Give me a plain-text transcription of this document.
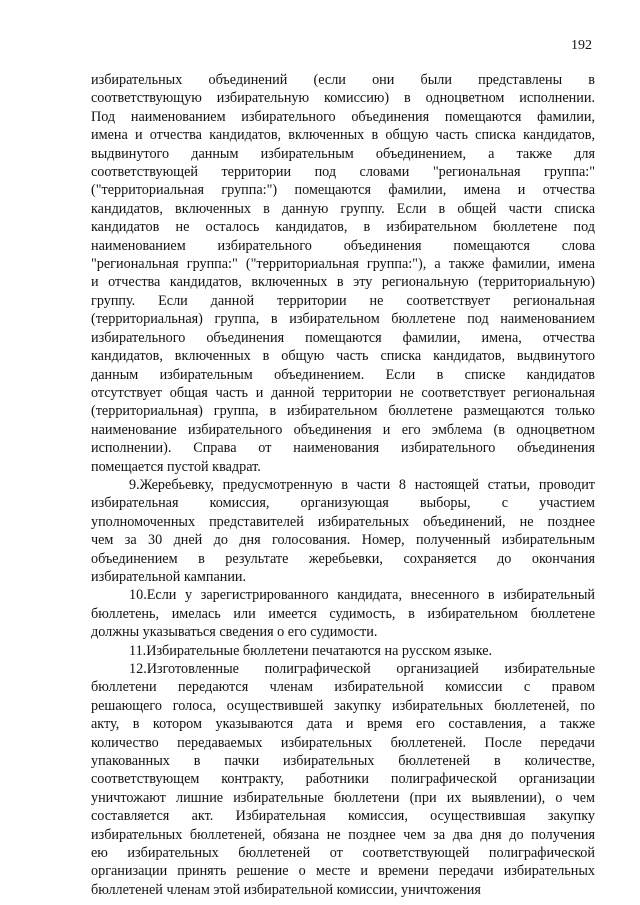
192
избирательных объединений (если они были представлены в
соответствующую избирательную комиссию) в одноцветном исполнении.
Под наименованием избирательного объединения помещаются фамилии,
имена и отчества кандидатов, включенных в общую часть списка кандидатов,
выдвинутого данным избирательным объединением, а также для
соответствующей территории под словами "региональная группа:"
("территориальная группа:") помещаются фамилии, имена и отчества
кандидатов, включенных в данную группу. Если в общей части списка
кандидатов не осталось кандидатов, в избирательном бюллетене под
наименованием избирательного объединения помещаются слова
"региональная группа:" ("территориальная группа:"), а также фамилии, имена
и отчества кандидатов, включенных в эту региональную (территориальную)
группу. Если данной территории не соответствует региональная
(территориальная) группа, в избирательном бюллетене под наименованием
избирательного объединения помещаются фамилии, имена, отчества
кандидатов, включенных в общую часть списка кандидатов, выдвинутого
данным избирательным объединением. Если в списке кандидатов
отсутствует общая часть и данной территории не соответствует региональная
(территориальная) группа, в избирательном бюллетене размещаются только
наименование избирательного объединения и его эмблема (в одноцветном
исполнении). Справа от наименования избирательного объединения
помещается пустой квадрат.
9.Жеребьевку, предусмотренную в части 8 настоящей статьи, проводит
избирательная комиссия, организующая выборы, с участием
уполномоченных представителей избирательных объединений, не позднее
чем за 30 дней до дня голосования. Номер, полученный избирательным
объединением в результате жеребьевки, сохраняется до окончания
избирательной кампании.
10.Если у зарегистрированного кандидата, внесенного в избирательный
бюллетень, имелась или имеется судимость, в избирательном бюллетене
должны указываться сведения о его судимости.
11.Избирательные бюллетени печатаются на русском языке.
12.Изготовленные полиграфической организацией избирательные
бюллетени передаются членам избирательной комиссии с правом
решающего голоса, осуществившей закупку избирательных бюллетеней, по
акту, в котором указываются дата и время его составления, а также
количество передаваемых избирательных бюллетеней. После передачи
упакованных в пачки избирательных бюллетеней в количестве,
соответствующем контракту, работники полиграфической организации
уничтожают лишние избирательные бюллетени (при их выявлении), о чем
составляется акт. Избирательная комиссия, осуществившая закупку
избирательных бюллетеней, обязана не позднее чем за два дня до получения
ею избирательных бюллетеней от соответствующей полиграфической
организации принять решение о месте и времени передачи избирательных
бюллетеней членам этой избирательной комиссии, уничтожения
